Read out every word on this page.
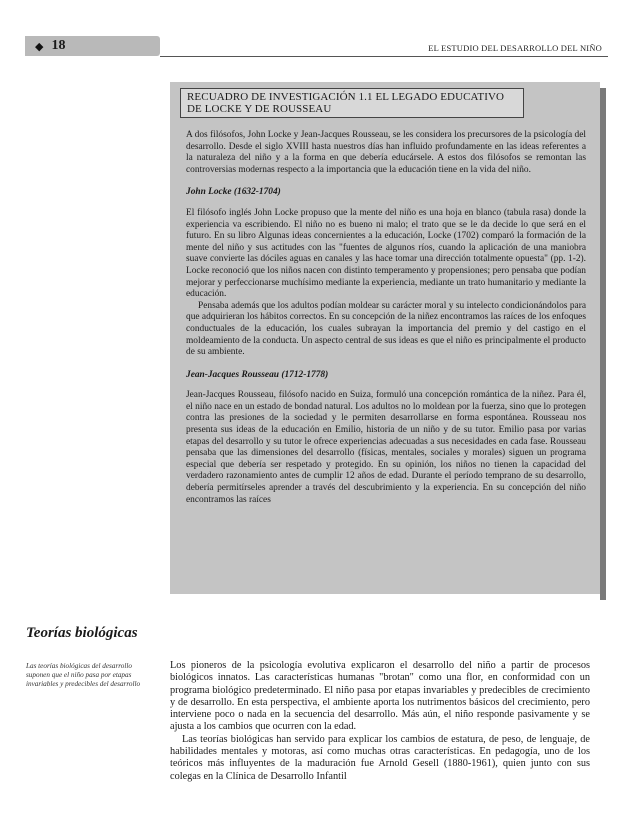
◆ 18	EL ESTUDIO DEL DESARROLLO DEL NIÑO
RECUADRO DE INVESTIGACIÓN 1.1 EL LEGADO EDUCATIVO
DE LOCKE Y DE ROUSSEAU

A dos filósofos, John Locke y Jean-Jacques Rousseau, se les considera los precursores de la psicología del desarrollo. Desde el siglo XVIII hasta nuestros días han influido profundamente en las ideas referentes a la naturaleza del niño y a la forma en que debería educársele. A estos dos filósofos se remontan las controversias modernas respecto a la importancia que la educación tiene en la vida del niño.

John Locke (1632-1704)

El filósofo inglés John Locke propuso que la mente del niño es una hoja en blanco (tabula rasa) donde la experiencia va escribiendo. El niño no es bueno ni malo; el trato que se le da decide lo que será en el futuro. En su libro Algunas ideas concernientes a la educación, Locke (1702) comparó la formación de la mente del niño y sus actitudes con las "fuentes de algunos ríos, cuando la aplicación de una maniobra suave convierte las dóciles aguas en canales y las hace tomar una dirección totalmente opuesta" (pp. 1-2). Locke reconoció que los niños nacen con distinto temperamento y propensiones; pero pensaba que podían mejorar y perfeccionarse muchísimo mediante la experiencia, mediante un trato humanitario y mediante la educación.

Pensaba además que los adultos podían moldear su carácter moral y su intelecto condicionándolos para que adquirieran los hábitos correctos. En su concepción de la niñez encontramos las raíces de los enfoques conductuales de la educación, los cuales subrayan la importancia del premio y del castigo en el moldeamiento de la conducta. Un aspecto central de sus ideas es que el niño es principalmente el producto de su ambiente.

Jean-Jacques Rousseau (1712-1778)

Jean-Jacques Rousseau, filósofo nacido en Suiza, formuló una concepción romántica de la niñez. Para él, el niño nace en un estado de bondad natural. Los adultos no lo moldean por la fuerza, sino que lo protegen contra las presiones de la sociedad y le permiten desarrollarse en forma espontánea. Rousseau nos presenta sus ideas de la educación en Emilio, historia de un niño y de su tutor. Emilio pasa por varias etapas del desarrollo y su tutor le ofrece experiencias adecuadas a sus necesidades en cada fase. Rousseau pensaba que las dimensiones del desarrollo (físicas, mentales, sociales y morales) siguen un programa especial que debería ser respetado y protegido. En su opinión, los niños no tienen la capacidad del verdadero razonamiento antes de cumplir 12 años de edad. Durante el período temprano de su desarrollo, debería permitírseles aprender a través del descubrimiento y la experiencia. En su concepción del niño encontramos las raíces

Teorías biológicas
Las teorías biológicas del desarrollo suponen que el niño pasa por etapas invariables y predecibles del desarrollo

Los pioneros de la psicología evolutiva explicaron el desarrollo del niño a partir de procesos biológicos innatos. Las características humanas "brotan" como una flor, en conformidad con un programa biológico predeterminado. El niño pasa por etapas invariables y predecibles de crecimiento y de desarrollo. En esta perspectiva, el ambiente aporta los nutrimentos básicos del crecimiento, pero interviene poco o nada en la secuencia del desarrollo. Más aún, el niño responde pasivamente y se ajusta a los cambios que ocurren con la edad.

Las teorías biológicas han servido para explicar los cambios de estatura, de peso, de lenguaje, de habilidades mentales y motoras, así como muchas otras características. En pedagogía, uno de los teóricos más influyentes de la maduración fue Arnold Gesell (1880-1961), quien junto con sus colegas en la Clínica de Desarrollo Infantil
